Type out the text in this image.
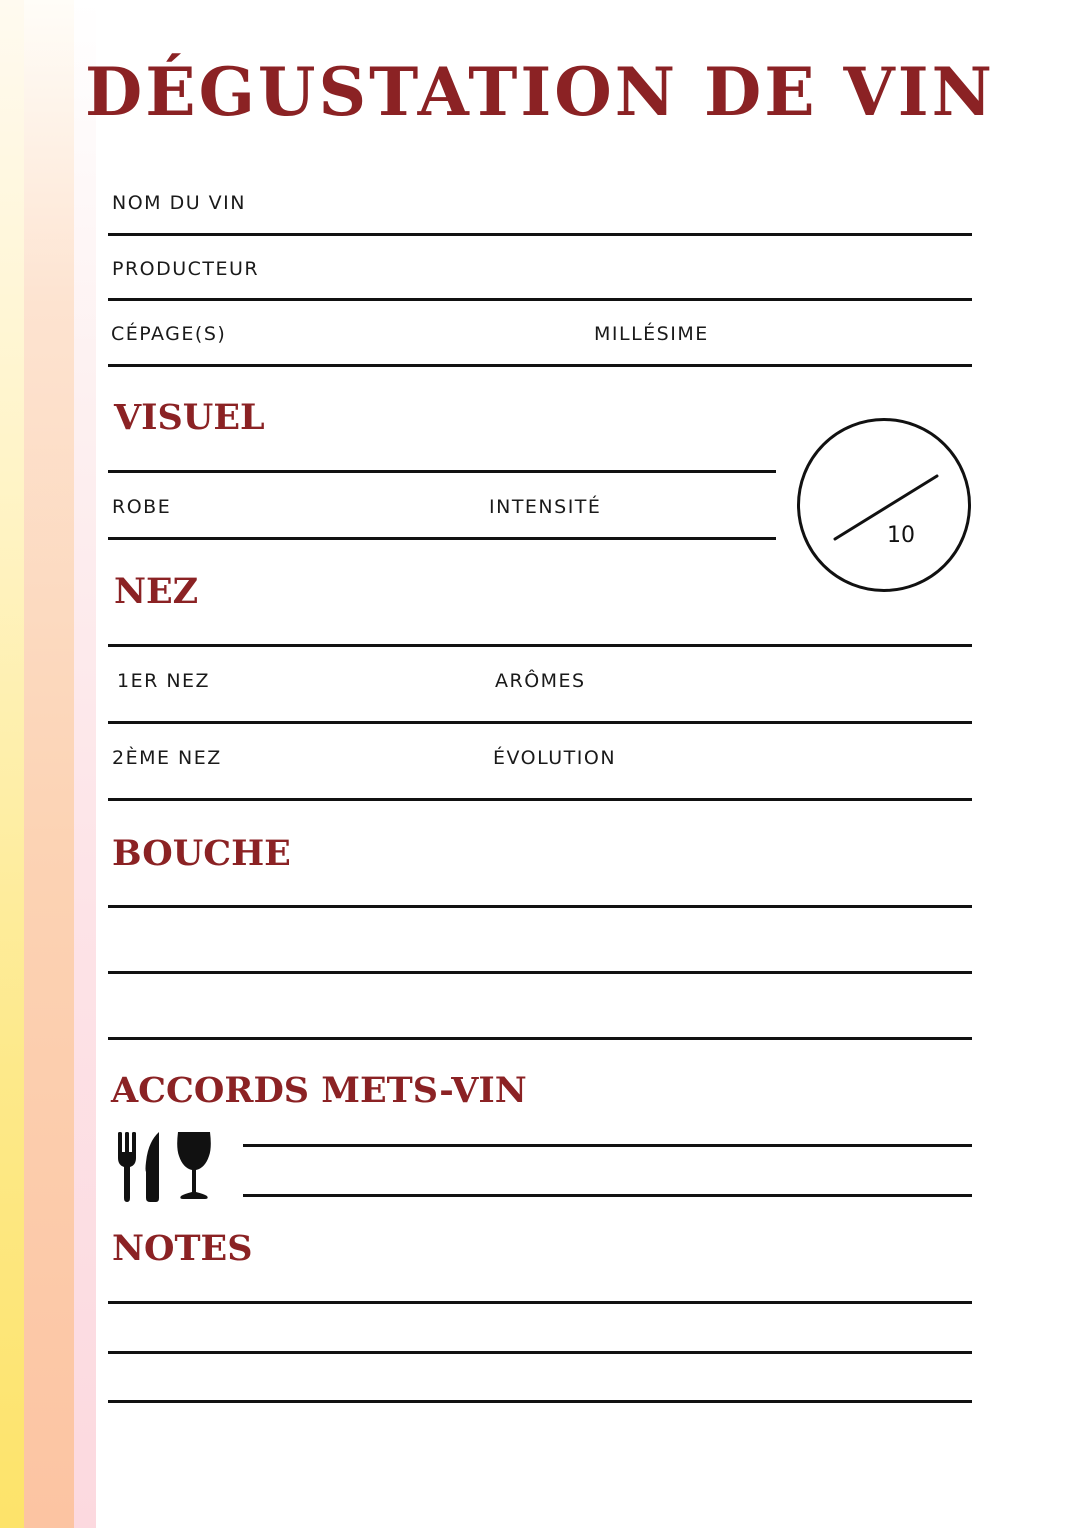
DÉGUSTATION DE VIN
NOM DU VIN
PRODUCTEUR
CÉPAGE(S)	MILLÉSIME
VISUEL
ROBE	INTENSITÉ
10
NEZ
1ER NEZ	ARÔMES
2ÈME NEZ	ÉVOLUTION
BOUCHE
ACCORDS METS-VIN
NOTES
